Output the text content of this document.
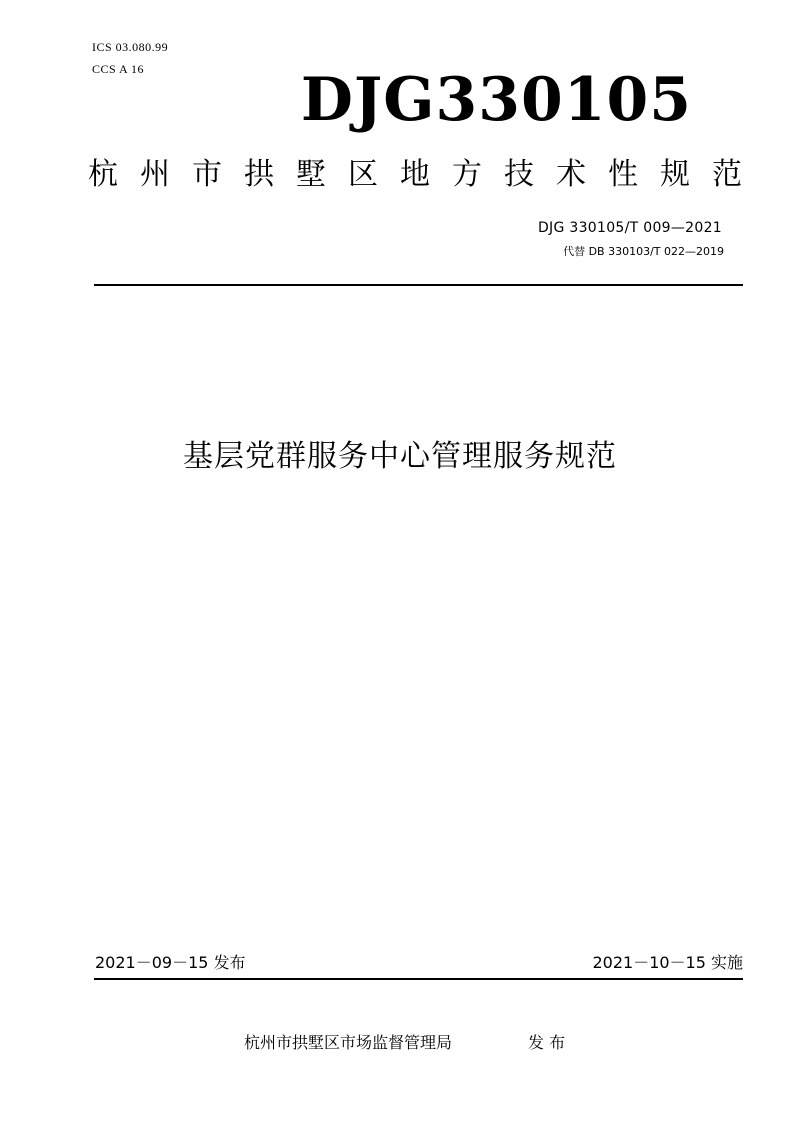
ICS 03.080.99
CCS A 16	DJG330105
杭 州 市 拱 墅 区 地 方 技 术 性 规 范
DJG 330105/T 009—2021
代替 DB 330103/T 022—2019
基层党群服务中心管理服务规范
2021－09－15 发布	2021－10－15 实施
杭州市拱墅区市场监督管理局	发 布
